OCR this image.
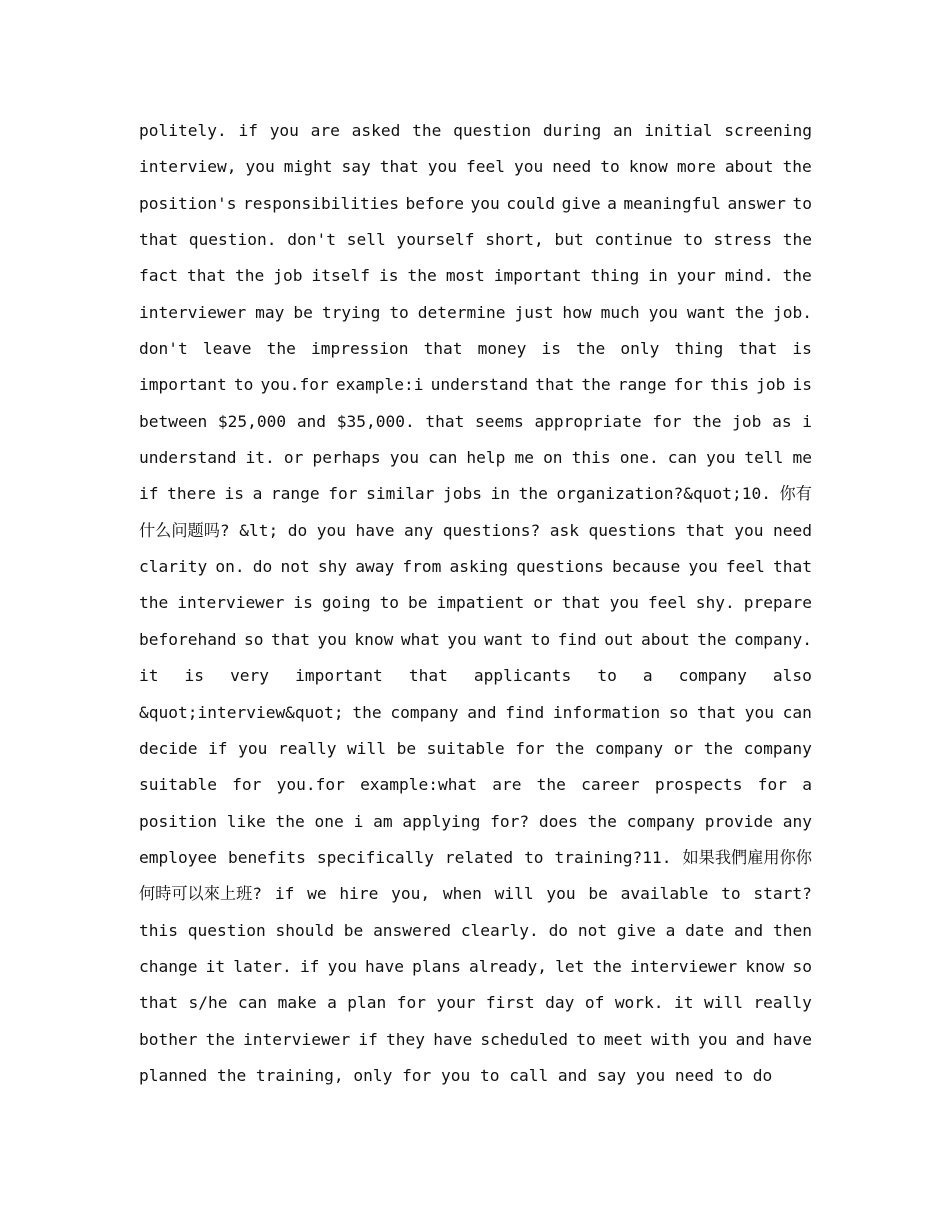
politely. if you are asked the question during an initial screening
interview, you might say that you feel you need to know more about the
position's responsibilities before you could give a meaningful answer to
that question. don't sell yourself short, but continue to stress the
fact that the job itself is the most important thing in your mind. the
interviewer may be trying to determine just how much you want the job.
don't leave the impression that money is the only thing that is
important to you.for example:i understand that the range for this job is
between $25,000 and $35,000. that seems appropriate for the job as i
understand it. or perhaps you can help me on this one. can you tell me
if there is a range for similar jobs in the organization?&quot;10. 你有
什么问题吗? &lt; do you have any questions? ask questions that you need
clarity on. do not shy away from asking questions because you feel that
the interviewer is going to be impatient or that you feel shy. prepare
beforehand so that you know what you want to find out about the company.
it is very important that applicants to a company also
&quot;interview&quot; the company and find information so that you can
decide if you really will be suitable for the company or the company
suitable for you.for example:what are the career prospects for a
position like the one i am applying for? does the company provide any
employee benefits specifically related to training?11. 如果我們雇用你你
何時可以來上班? if we hire you, when will you be available to start?
this question should be answered clearly. do not give a date and then
change it later. if you have plans already, let the interviewer know so
that s/he can make a plan for your first day of work. it will really
bother the interviewer if they have scheduled to meet with you and have
planned the training, only for you to call and say you need to do
